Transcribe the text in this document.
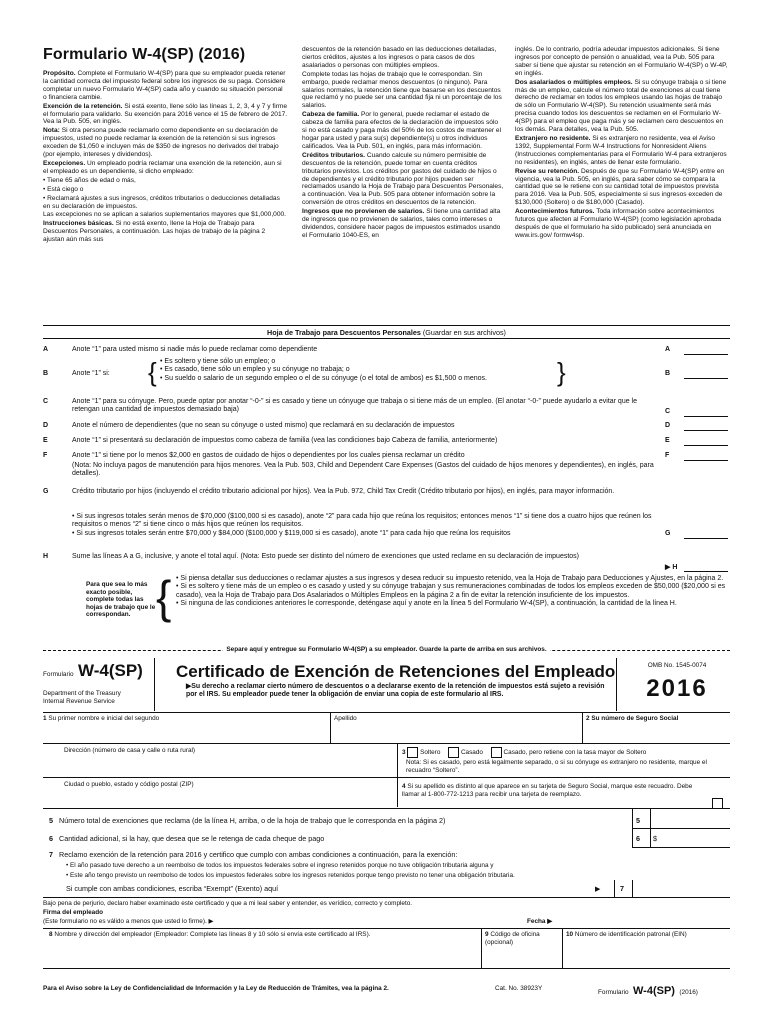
Formulario W-4(SP) (2016)

Propósito. Complete el Formulario W-4(SP) para que su empleador pueda retener la cantidad correcta del impuesto federal sobre los ingresos de su paga. Considere completar un nuevo Formulario W-4(SP) cada año y cuando su situación personal o financiera cambie.

Exención de la retención. Si está exento, llene sólo las líneas 1, 2, 3, 4 y 7 y firme el formulario para validarlo. Su exención para 2016 vence el 15 de febrero de 2017. Vea la Pub. 505, en inglés.

Nota: Si otra persona puede reclamarlo como dependiente en su declaración de impuestos, usted no puede reclamar la exención de la retención si sus ingresos exceden de $1,050 e incluyen más de $350 de ingresos no derivados del trabajo (por ejemplo, intereses y dividendos).

Excepciones. Un empleado podría reclamar una exención de la retención, aun si el empleado es un dependiente, si dicho empleado:

• Tiene 65 años de edad o más,

• Está ciego o

• Reclamará ajustes a sus ingresos, créditos tributarios o deducciones detalladas en su declaración de impuestos.

Las excepciones no se aplican a salarios suplementarios mayores que $1,000,000.

Instrucciones básicas. Si no está exento, llene la Hoja de Trabajo para Descuentos Personales, a continuación. Las hojas de trabajo de la página 2 ajustan aún más sus

descuentos de la retención basado en las deducciones detalladas, ciertos créditos, ajustes a los ingresos o para casos de dos asalariados o personas con múltiples empleos.

Complete todas las hojas de trabajo que le correspondan. Sin embargo, puede reclamar menos descuentos (o ninguno). Para salarios normales, la retención tiene que basarse en los descuentos que reclamó y no puede ser una cantidad fija ni un porcentaje de los salarios.

Cabeza de familia. Por lo general, puede reclamar el estado de cabeza de familia para efectos de la declaración de impuestos sólo si no está casado y paga más del 50% de los costos de mantener el hogar para usted y para su(s) dependiente(s) u otros individuos calificados. Vea la Pub. 501, en inglés, para más información.

Créditos tributarios. Cuando calcule su número permisible de descuentos de la retención, puede tomar en cuenta créditos tributarios previstos. Los créditos por gastos del cuidado de hijos o de dependientes y el crédito tributario por hijos pueden ser reclamados usando la Hoja de Trabajo para Descuentos Personales, a continuación. Vea la Pub. 505 para obtener información sobre la conversión de otros créditos en descuentos de la retención.

Ingresos que no provienen de salarios. Si tiene una cantidad alta de ingresos que no provienen de salarios, tales como intereses o dividendos, considere hacer pagos de impuestos estimados usando el Formulario 1040-ES, en

inglés. De lo contrario, podría adeudar impuestos adicionales. Si tiene ingresos por concepto de pensión o anualidad, vea la Pub. 505 para saber si tiene que ajustar su retención en el Formulario W-4(SP) o W-4P, en inglés.

Dos asalariados o múltiples empleos. Si su cónyuge trabaja o si tiene más de un empleo, calcule el número total de exenciones al cual tiene derecho de reclamar en todos los empleos usando las hojas de trabajo de sólo un Formulario W-4(SP). Su retención usualmente será más precisa cuando todos los descuentos se reclamen en el Formulario W-4(SP) para el empleo que paga más y se reclamen cero descuentos en los demás. Para detalles, vea la Pub. 505.

Extranjero no residente. Si es extranjero no residente, vea el Aviso 1392, Supplemental Form W-4 Instructions for Nonresident Aliens (Instrucciones complementarias para el Formulario W-4 para extranjeros no residentes), en inglés, antes de llenar este formulario.

Revise su retención. Después de que su Formulario W-4(SP) entre en vigencia, vea la Pub. 505, en inglés, para saber cómo se compara la cantidad que se le retiene con su cantidad total de impuestos prevista para 2016. Vea la Pub. 505, especialmente si sus ingresos exceden de $130,000 (Soltero) o de $180,000 (Casado).

Acontecimientos futuros. Toda información sobre acontecimientos futuros que afecten al Formulario W-4(SP) (como legislación aprobada después de que el formulario ha sido publicado) será anunciada en www.irs.gov/ formw4sp.

Hoja de Trabajo para Descuentos Personales (Guardar en sus archivos)
A	Anote “1” para usted mismo si nadie más lo puede reclamar como dependiente	A
B	Anote “1” si: { • Es soltero y tiene sólo un empleo; o
• Es casado, tiene sólo un empleo y su cónyuge no trabaja; o
• Su sueldo o salario de un segundo empleo o el de su cónyuge (o el total de ambos) es $1,500 o menos.	}	B
C	Anote “1” para su cónyuge. Pero, puede optar por anotar “-0-” si es casado y tiene un cónyuge que trabaja o si tiene más de un empleo. (El anotar “-0-” puede ayudarlo a evitar que le retengan una cantidad de impuestos demasiado baja)	C
D	Anote el número de dependientes (que no sean su cónyuge o usted mismo) que reclamará en su declaración de impuestos	D
E	Anote “1” si presentará su declaración de impuestos como cabeza de familia (vea las condiciones bajo Cabeza de familia, anteriormente)	E
F	Anote “1” si tiene por lo menos $2,000 en gastos de cuidado de hijos o dependientes por los cuales piensa reclamar un crédito	F
(Nota: No incluya pagos de manutención para hijos menores. Vea la Pub. 503, Child and Dependent Care Expenses (Gastos del cuidado de hijos menores y dependientes), en inglés, para detalles).
G	Crédito tributario por hijos (incluyendo el crédito tributario adicional por hijos). Vea la Pub. 972, Child Tax Credit (Crédito tributario por hijos), en inglés, para mayor información.
• Si sus ingresos totales serán menos de $70,000 ($100,000 si es casado), anote “2” para cada hijo que reúna los requisitos; entonces menos “1” si tiene dos a cuatro hijos que reúnen los requisitos o menos “2” si tiene cinco o más hijos que reúnen los requisitos.
• Si sus ingresos totales serán entre $70,000 y $84,000 ($100,000 y $119,000 si es casado), anote “1” para cada hijo que reúna los requisitos	G
H	Sume las líneas A a G, inclusive, y anote el total aquí. (Nota: Esto puede ser distinto del número de exenciones que usted reclame en su declaración de impuestos)
▶ H
Para que sea lo más exacto posible, complete todas las hojas de trabajo que le correspondan. { • Si piensa detallar sus deducciones o reclamar ajustes a sus ingresos y desea reducir su impuesto retenido, vea la Hoja de Trabajo para Deducciones y Ajustes, en la página 2.
• Si es soltero y tiene más de un empleo o es casado y usted y su cónyuge trabajan y sus remuneraciones combinadas de todos los empleos exceden de $50,000 ($20,000 si es casado), vea la Hoja de Trabajo para Dos Asalariados o Múltiples Empleos en la página 2 a fin de evitar la retención insuficiente de los impuestos.
• Si ninguna de las condiciones anteriores le corresponde, deténgase aquí y anote en la línea 5 del Formulario W-4(SP), a continuación, la cantidad de la línea H.
Separe aquí y entregue su Formulario W-4(SP) a su empleador. Guarde la parte de arriba en sus archivos.
Formulario W-4(SP)
Department of the Treasury
Internal Revenue Service
Certificado de Exención de Retenciones del Empleado
▶Su derecho a reclamar cierto número de descuentos o a declararse exento de la retención de impuestos está sujeto a revisión por el IRS. Su empleador puede tener la obligación de enviar una copia de este formulario al IRS.
OMB No. 1545-0074
2016
1 Su primer nombre e inicial del segundo	Apellido	2 Su número de Seguro Social
Dirección (número de casa y calle o ruta rural)	3 Soltero	Casado	Casado, pero retiene con la tasa mayor de Soltero
Nota: Si es casado, pero está legalmente separado, o si su cónyuge es extranjero no residente, marque el recuadro “Soltero”.
Ciudad o pueblo, estado y código postal (ZIP)	4 Si su apellido es distinto al que aparece en su tarjeta de Seguro Social, marque este recuadro. Debe llamar al 1-800-772-1213 para recibir una tarjeta de reemplazo.
5 Número total de exenciones que reclama (de la línea H, arriba, o de la hoja de trabajo que le corresponda en la página 2)	5
6 Cantidad adicional, si la hay, que desea que se le retenga de cada cheque de pago	6 $
7 Reclamo exención de la retención para 2016 y certifico que cumplo con ambas condiciones a continuación, para la exención:
• El año pasado tuve derecho a un reembolso de todos los impuestos federales sobre el ingreso retenidos porque no tuve obligación tributaria alguna y
• Este año tengo previsto un reembolso de todos los impuestos federales sobre los ingresos retenidos porque tengo previsto no tener una obligación tributaria.
Si cumple con ambas condiciones, escriba “Exempt” (Exento) aquí	▶	7
Bajo pena de perjurio, declaro haber examinado este certificado y que a mi leal saber y entender, es verídico, correcto y completo.
Firma del empleado
(Este formulario no es válido a menos que usted lo firme). ▶	Fecha ▶
8 Nombre y dirección del empleador (Empleador: Complete las líneas 8 y 10 sólo si envía este certificado al IRS).	9 Código de oficina (opcional)
10 Número de identificación patronal (EIN)
Para el Aviso sobre la Ley de Confidencialidad de Información y la Ley de Reducción de Trámites, vea la página 2.	Cat. No. 38923Y
Formulario W-4(SP) (2016)
